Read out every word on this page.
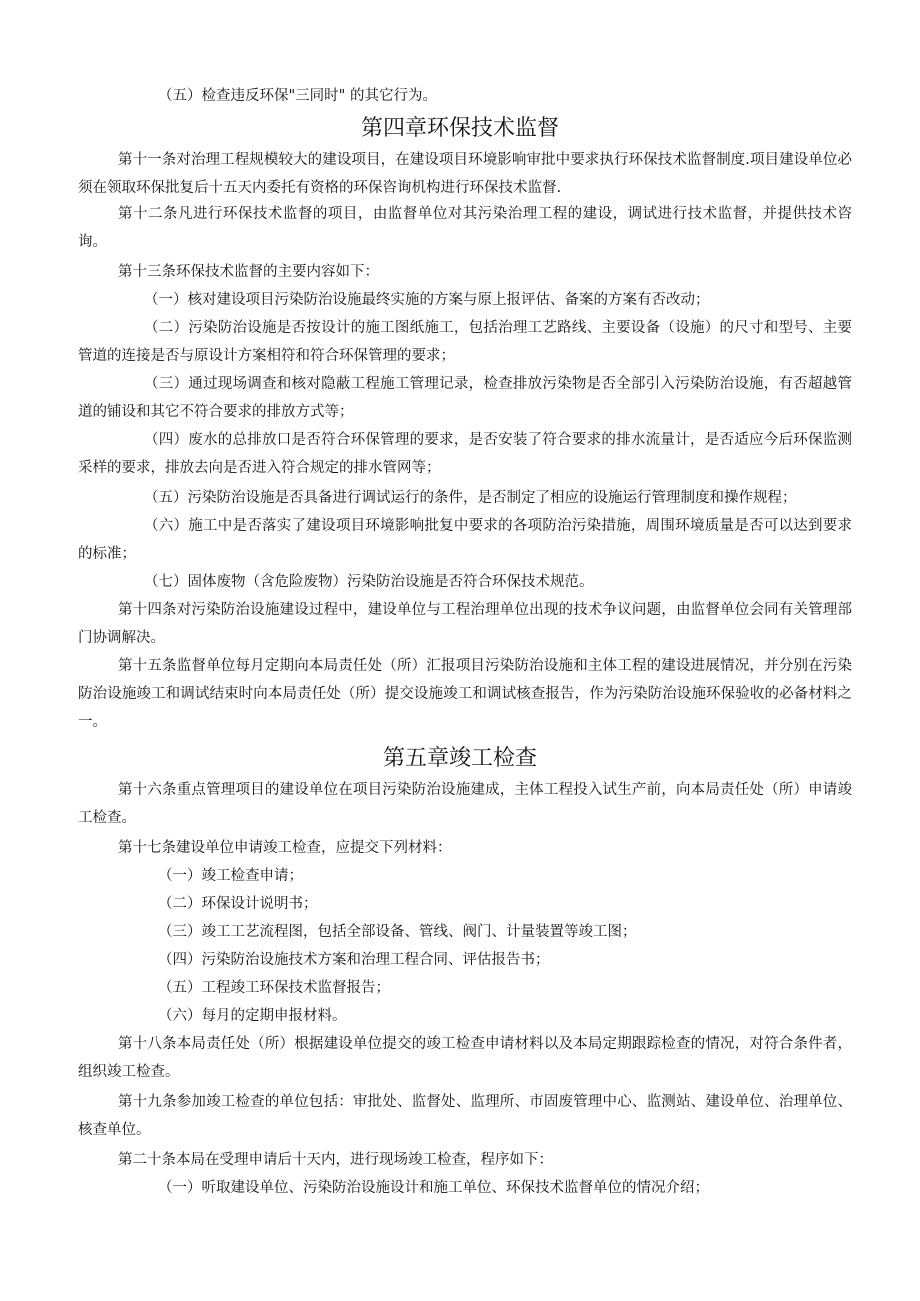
（五）检查违反环保"三同时" 的其它行为。

第四章环保技术监督

第十一条对治理工程规模较大的建设项目，在建设项目环境影响审批中要求执行环保技术监督制度.项目建设单位必须在领取环保批复后十五天内委托有资格的环保咨询机构进行环保技术监督.

第十二条凡进行环保技术监督的项目，由监督单位对其污染治理工程的建设，调试进行技术监督，并提供技术咨询。

第十三条环保技术监督的主要内容如下：

（一）核对建设项目污染防治设施最终实施的方案与原上报评估、备案的方案有否改动；

（二）污染防治设施是否按设计的施工图纸施工，包括治理工艺路线、主要设备（设施）的尺寸和型号、主要管道的连接是否与原设计方案相符和符合环保管理的要求；

（三）通过现场调查和核对隐蔽工程施工管理记录，检查排放污染物是否全部引入污染防治设施，有否超越管道的铺设和其它不符合要求的排放方式等；

（四）废水的总排放口是否符合环保管理的要求，是否安装了符合要求的排水流量计，是否适应今后环保监测采样的要求，排放去向是否进入符合规定的排水管网等；

（五）污染防治设施是否具备进行调试运行的条件，是否制定了相应的设施运行管理制度和操作规程；

（六）施工中是否落实了建设项目环境影响批复中要求的各项防治污染措施，周围环境质量是否可以达到要求的标准；

（七）固体废物（含危险废物）污染防治设施是否符合环保技术规范。

第十四条对污染防治设施建设过程中，建设单位与工程治理单位出现的技术争议问题，由监督单位会同有关管理部门协调解决。

第十五条监督单位每月定期向本局责任处（所）汇报项目污染防治设施和主体工程的建设进展情况，并分别在污染防治设施竣工和调试结束时向本局责任处（所）提交设施竣工和调试核查报告，作为污染防治设施环保验收的必备材料之一。

第五章竣工检查

第十六条重点管理项目的建设单位在项目污染防治设施建成，主体工程投入试生产前，向本局责任处（所）申请竣工检查。

第十七条建设单位申请竣工检查，应提交下列材料：

（一）竣工检查申请；

（二）环保设计说明书；

（三）竣工工艺流程图，包括全部设备、管线、阀门、计量装置等竣工图；

（四）污染防治设施技术方案和治理工程合同、评估报告书；

（五）工程竣工环保技术监督报告；

（六）每月的定期申报材料。

第十八条本局责任处（所）根据建设单位提交的竣工检查申请材料以及本局定期跟踪检查的情况，对符合条件者，组织竣工检查。

第十九条参加竣工检查的单位包括：审批处、监督处、监理所、市固废管理中心、监测站、建设单位、治理单位、核查单位。

第二十条本局在受理申请后十天内，进行现场竣工检查，程序如下：

（一）听取建设单位、污染防治设施设计和施工单位、环保技术监督单位的情况介绍；
